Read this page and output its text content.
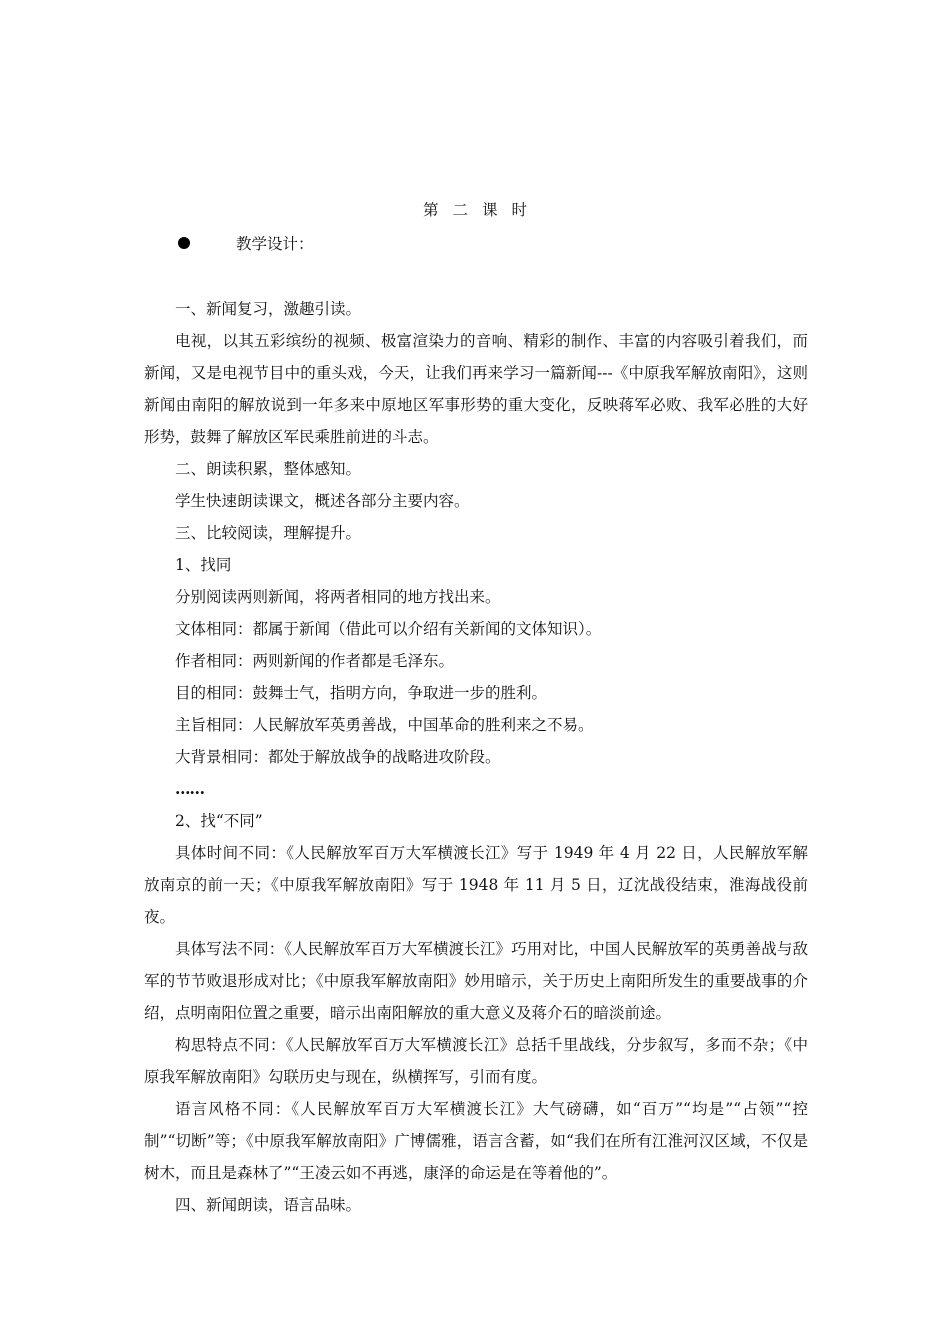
第二课时
教学设计：

一、新闻复习，激趣引读。

电视，以其五彩缤纷的视频、极富渲染力的音响、精彩的制作、丰富的内容吸引着我们，而新闻，又是电视节目中的重头戏，今天，让我们再来学习一篇新闻---《中原我军解放南阳》，这则新闻由南阳的解放说到一年多来中原地区军事形势的重大变化，反映蒋军必败、我军必胜的大好形势，鼓舞了解放区军民乘胜前进的斗志。

二、朗读积累，整体感知。

学生快速朗读课文，概述各部分主要内容。

三、比较阅读，理解提升。

1、找同

分别阅读两则新闻，将两者相同的地方找出来。

文体相同：都属于新闻（借此可以介绍有关新闻的文体知识）。

作者相同：两则新闻的作者都是毛泽东。

目的相同：鼓舞士气，指明方向，争取进一步的胜利。

主旨相同：人民解放军英勇善战，中国革命的胜利来之不易。

大背景相同：都处于解放战争的战略进攻阶段。

……

2、找“不同”

具体时间不同：《人民解放军百万大军横渡长江》写于 1949 年 4 月 22 日，人民解放军解放南京的前一天；《中原我军解放南阳》写于 1948 年 11 月 5 日，辽沈战役结束，淮海战役前夜。

具体写法不同：《人民解放军百万大军横渡长江》巧用对比，中国人民解放军的英勇善战与敌军的节节败退形成对比；《中原我军解放南阳》妙用暗示，关于历史上南阳所发生的重要战事的介绍，点明南阳位置之重要，暗示出南阳解放的重大意义及蒋介石的暗淡前途。

构思特点不同：《人民解放军百万大军横渡长江》总括千里战线，分步叙写，多而不杂；《中原我军解放南阳》勾联历史与现在，纵横挥写，引而有度。

语言风格不同：《人民解放军百万大军横渡长江》大气磅礴，如“百万”“均是”“占领”“控制”“切断”等；《中原我军解放南阳》广博儒雅，语言含蓄，如“我们在所有江淮河汉区域，不仅是树木，而且是森林了”“王凌云如不再逃，康泽的命运是在等着他的”。

四、新闻朗读，语言品味。
